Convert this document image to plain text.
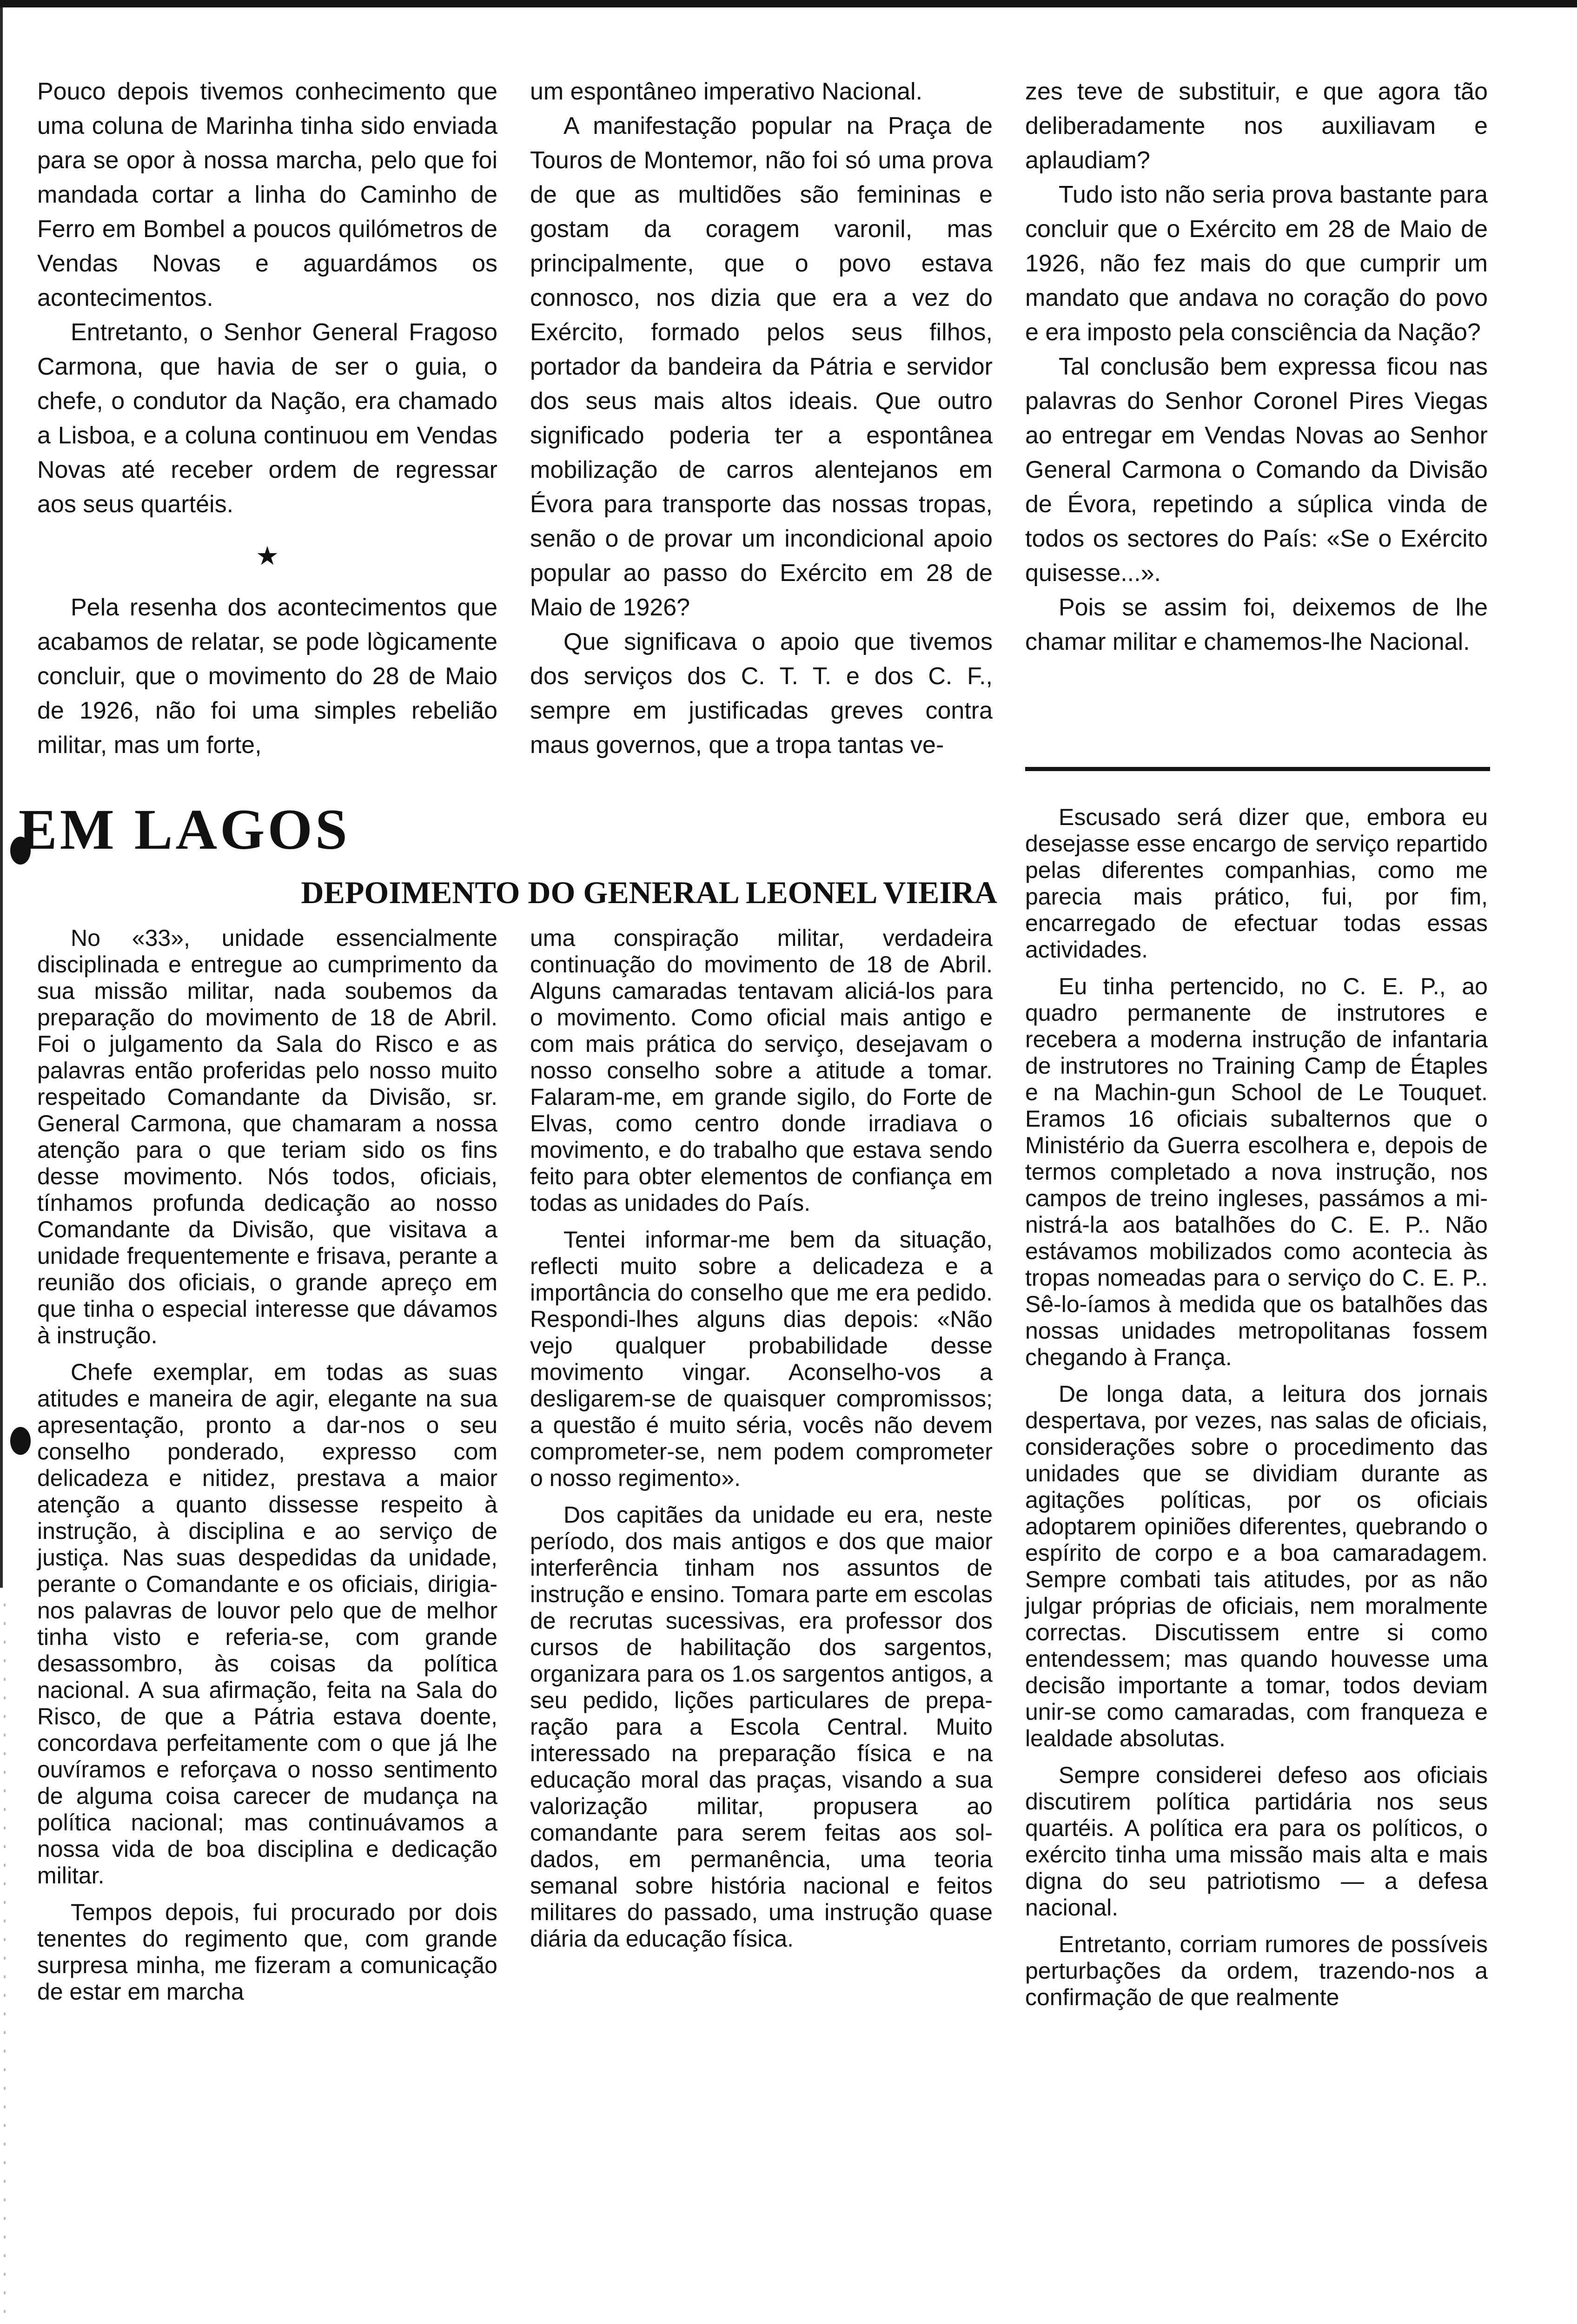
Pouco depois tivemos conhecimento que uma coluna de Marinha tinha sido enviada para se opor à nossa marcha, pelo que foi mandada cortar a linha do Caminho de Ferro em Bombel a poucos quilómetros de Vendas Novas e aguardámos os acontecimentos.

Entretanto, o Senhor General Fragoso Carmona, que havia de ser o guia, o chefe, o condutor da Nação, era chamado a Lisboa, e a coluna continuou em Vendas Novas até receber ordem de regressar aos seus quartéis.

★

Pela resenha dos acontecimentos que acabamos de relatar, se pode lògicamente concluir, que o movimento do 28 de Maio de 1926, não foi uma simples rebelião militar, mas um forte,

um espontâneo imperativo Nacional.

A manifestação popular na Praça de Touros de Montemor, não foi só uma prova de que as multidões são femininas e gostam da coragem varonil, mas principalmente, que o povo estava connosco, nos dizia que era a vez do Exército, formado pelos seus filhos, portador da bandeira da Pátria e servidor dos seus mais altos ideais. Que outro significado poderia ter a espontânea mobilização de carros alentejanos em Évora para transporte das nossas tropas, senão o de provar um incondicional apoio popular ao passo do Exército em 28 de Maio de 1926?

Que significava o apoio que tivemos dos serviços dos C. T. T. e dos C. F., sempre em justificadas greves contra maus governos, que a tropa tantas ve-

zes teve de substituir, e que agora tão deliberadamente nos auxiliavam e aplaudiam?

Tudo isto não seria prova bastante para concluir que o Exército em 28 de Maio de 1926, não fez mais do que cumprir um mandato que andava no coração do povo e era imposto pela consciência da Nação?

Tal conclusão bem expressa ficou nas palavras do Senhor Coronel Pires Viegas ao entregar em Vendas Novas ao Senhor General Carmona o Comando da Divisão de Évora, repetindo a súplica vinda de todos os sectores do País: «Se o Exército quisesse...».

Pois se assim foi, deixemos de lhe chamar militar e chamemos-lhe Nacional.

EM LAGOS
DEPOIMENTO DO GENERAL LEONEL VIEIRA

No «33», unidade essencialmente disciplinada e entregue ao cumprimento da sua missão militar, nada soubemos da preparação do movimento de 18 de Abril. Foi o julgamento da Sala do Risco e as palavras então proferidas pelo nosso muito respeitado Comandante da Divisão, sr. General Carmona, que chamaram a nossa atenção para o que teriam sido os fins desse movimento. Nós todos, oficiais, tínhamos profunda dedicação ao nosso Comandante da Divisão, que visitava a unidade frequentemente e frisava, perante a reunião dos oficiais, o grande apreço em que tinha o especial interesse que dávamos à instrução.

Chefe exemplar, em todas as suas atitudes e maneira de agir, elegante na sua apresentação, pronto a dar-nos o seu conselho ponderado, expresso com delicadeza e nitidez, prestava a maior atenção a quanto dissesse respeito à instrução, à disciplina e ao serviço de justiça. Nas suas despedidas da unidade, perante o Comandante e os oficiais, dirigia-nos palavras de louvor pelo que de melhor tinha visto e referia-se, com grande desassombro, às coisas da política nacional. A sua afirmação, feita na Sala do Risco, de que a Pátria estava doente, concordava perfeitamente com o que já lhe ouvíramos e reforçava o nosso sentimento de alguma coisa carecer de mudança na política nacional; mas continuávamos a nossa vida de boa disciplina e dedicação militar.

Tempos depois, fui procurado por dois tenentes do regimento que, com grande surpresa minha, me fizeram a comunicação de estar em marcha

uma conspiração militar, verdadeira continuação do movimento de 18 de Abril. Alguns camaradas tentavam aliciá-los para o movimento. Como oficial mais antigo e com mais prática do serviço, desejavam o nosso conselho sobre a atitude a tomar. Falaram-me, em grande sigilo, do Forte de Elvas, como centro donde irradiava o movimento, e do trabalho que estava sendo feito para obter elementos de confiança em todas as unidades do País.

Tentei informar-me bem da situação, reflecti muito sobre a delicadeza e a importância do conselho que me era pedido. Respondi-lhes alguns dias depois: «Não vejo qualquer probabilidade desse movimento vingar. Aconselho-vos a desligarem-se de quaisquer compromissos; a questão é muito séria, vocês não devem comprometer-se, nem podem comprometer o nosso regimento».

Dos capitães da unidade eu era, neste período, dos mais antigos e dos que maior interferência tinham nos assuntos de instrução e ensino. Tomara parte em escolas de recrutas sucessivas, era professor dos cursos de habilitação dos sargentos, organizara para os 1.os sargentos antigos, a seu pedido, lições particulares de preparação para a Escola Central. Muito interessado na preparação física e na educação moral das praças, visando a sua valorização militar, propusera ao comandante para serem feitas aos soldados, em permanência, uma teoria semanal sobre história nacional e feitos militares do passado, uma instrução quase diária da educação física.

Escusado será dizer que, embora eu desejasse esse encargo de serviço repartido pelas diferentes companhias, como me parecia mais prático, fui, por fim, encarregado de efectuar todas essas actividades.

Eu tinha pertencido, no C. E. P., ao quadro permanente de instrutores e recebera a moderna instrução de infantaria de instrutores no Training Camp de Étaples e na Machin-gun School de Le Touquet. Eramos 16 oficiais subalternos que o Ministério da Guerra escolhera e, depois de termos completado a nova instrução, nos campos de treino ingleses, passámos a ministrá-la aos batalhões do C. E. P.. Não estávamos mobilizados como acontecia às tropas nomeadas para o serviço do C. E. P.. Sê-lo-íamos à medida que os batalhões das nossas unidades metropolitanas fossem chegando à França.

De longa data, a leitura dos jornais despertava, por vezes, nas salas de oficiais, considerações sobre o procedimento das unidades que se dividiam durante as agitações políticas, por os oficiais adoptarem opiniões diferentes, quebrando o espírito de corpo e a boa camaradagem. Sempre combati tais atitudes, por as não julgar próprias de oficiais, nem moralmente correctas. Discutissem entre si como entendessem; mas quando houvesse uma decisão importante a tomar, todos deviam unir-se como camaradas, com franqueza e lealdade absolutas.

Sempre considerei defeso aos oficiais discutirem política partidária nos seus quartéis. A política era para os políticos, o exército tinha uma missão mais alta e mais digna do seu patriotismo — a defesa nacional.

Entretanto, corriam rumores de possíveis perturbações da ordem, trazendo-nos a confirmação de que realmente
